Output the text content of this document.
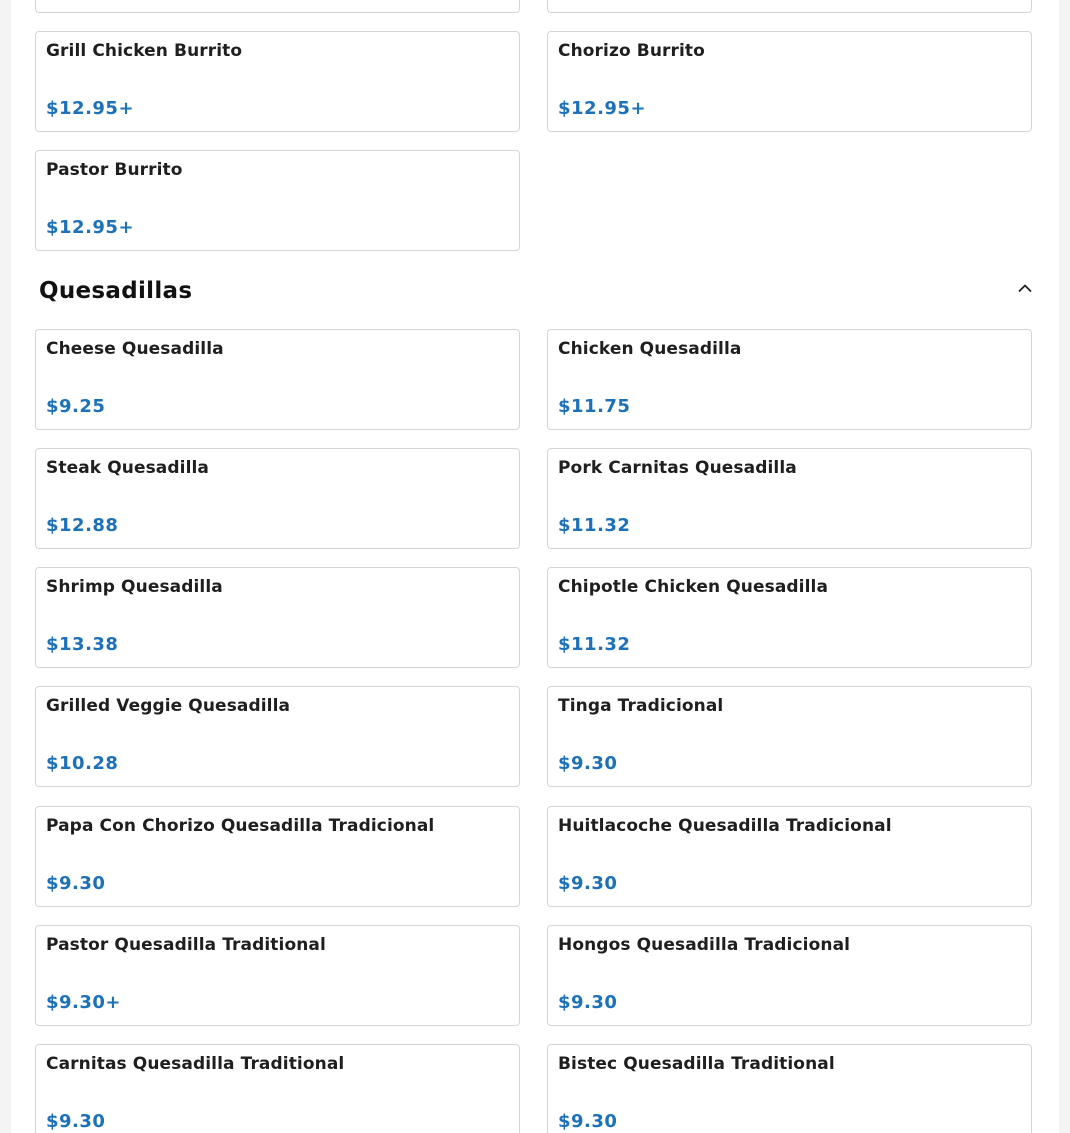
Grill Chicken Burrito
$12.95+
Chorizo Burrito
$12.95+
Pastor Burrito
$12.95+
Quesadillas
Cheese Quesadilla
$9.25
Chicken Quesadilla
$11.75
Steak Quesadilla
$12.88
Pork Carnitas Quesadilla
$11.32
Shrimp Quesadilla
$13.38
Chipotle Chicken Quesadilla
$11.32
Grilled Veggie Quesadilla
$10.28
Tinga Tradicional
$9.30
Papa Con Chorizo Quesadilla Tradicional
$9.30
Huitlacoche Quesadilla Tradicional
$9.30
Pastor Quesadilla Traditional
$9.30+
Hongos Quesadilla Tradicional
$9.30
Carnitas Quesadilla Traditional
$9.30
Bistec Quesadilla Traditional
$9.30
